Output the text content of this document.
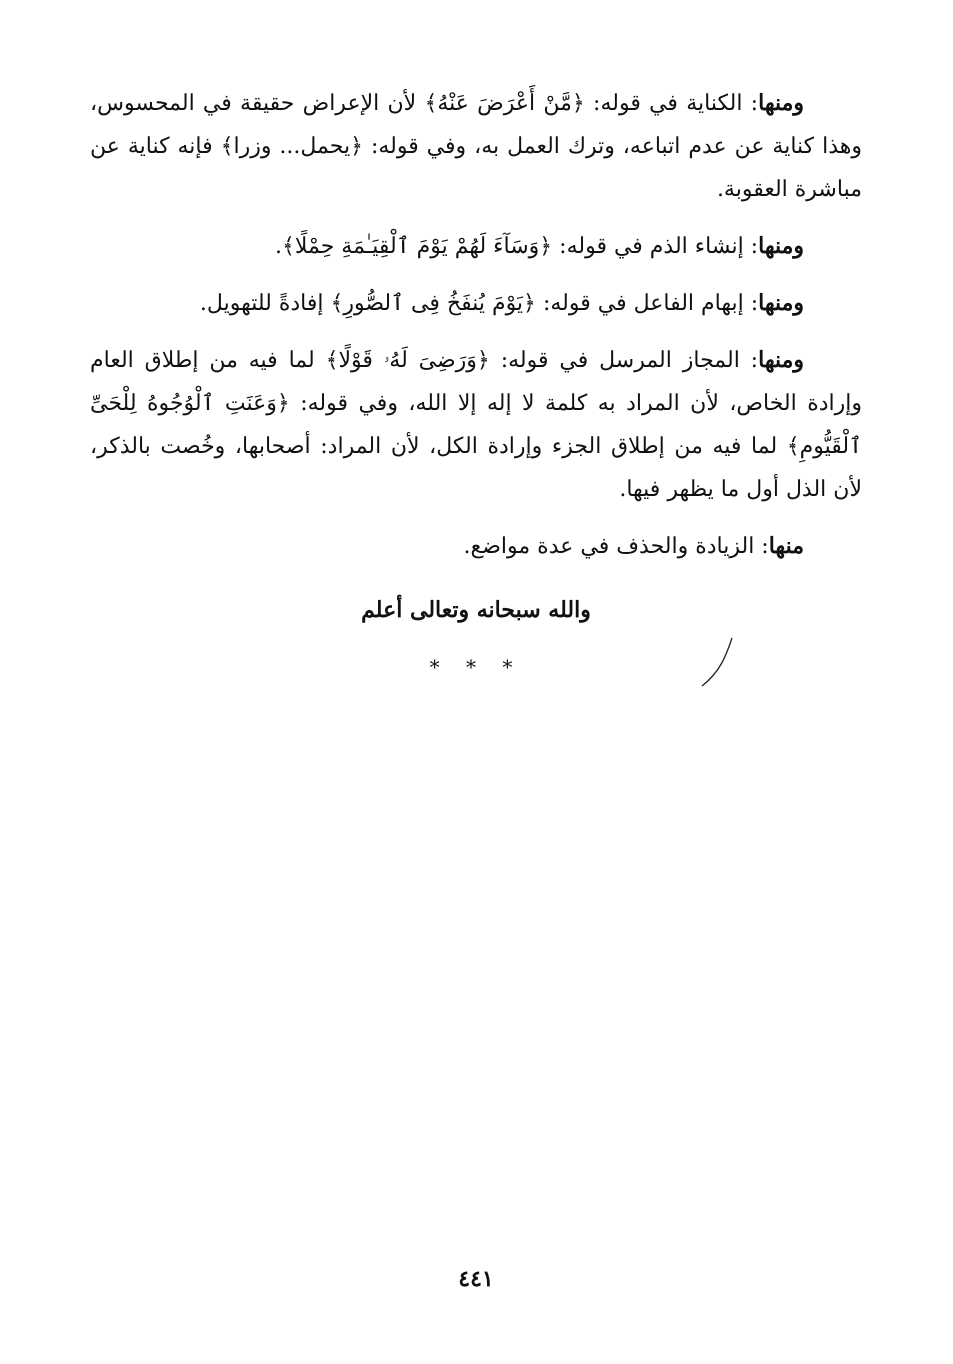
ومنها: الكناية في قوله: ﴿مَّنْ أَعْرَضَ عَنْهُ﴾ لأن الإعراض حقيقة في المحسوس، وهذا كناية عن عدم اتباعه، وترك العمل به، وفي قوله: ﴿يحمل... وزرا﴾ فإنه كناية عن مباشرة العقوبة.

ومنها: إنشاء الذم في قوله: ﴿وَسَآءَ لَهُمْ يَوْمَ ٱلْقِيَـٰمَةِ حِمْلًا﴾.

ومنها: إبهام الفاعل في قوله: ﴿يَوْمَ يُنفَخُ فِى ٱلصُّورِ﴾ إفادةً للتهويل.

ومنها: المجاز المرسل في قوله: ﴿وَرَضِىَ لَهُۥ قَوْلًا﴾ لما فيه من إطلاق العام وإرادة الخاص، لأن المراد به كلمة لا إله إلا الله، وفي قوله: ﴿وَعَنَتِ ٱلْوُجُوهُ لِلْحَىِّ ٱلْقَيُّومِ﴾ لما فيه من إطلاق الجزء وإرادة الكل، لأن المراد: أصحابها، وخُصت بالذكر، لأن الذل أول ما يظهر فيها.

منها: الزيادة والحذف في عدة مواضع.

والله سبحانه وتعالى أعلم
* * *
٤٤١
